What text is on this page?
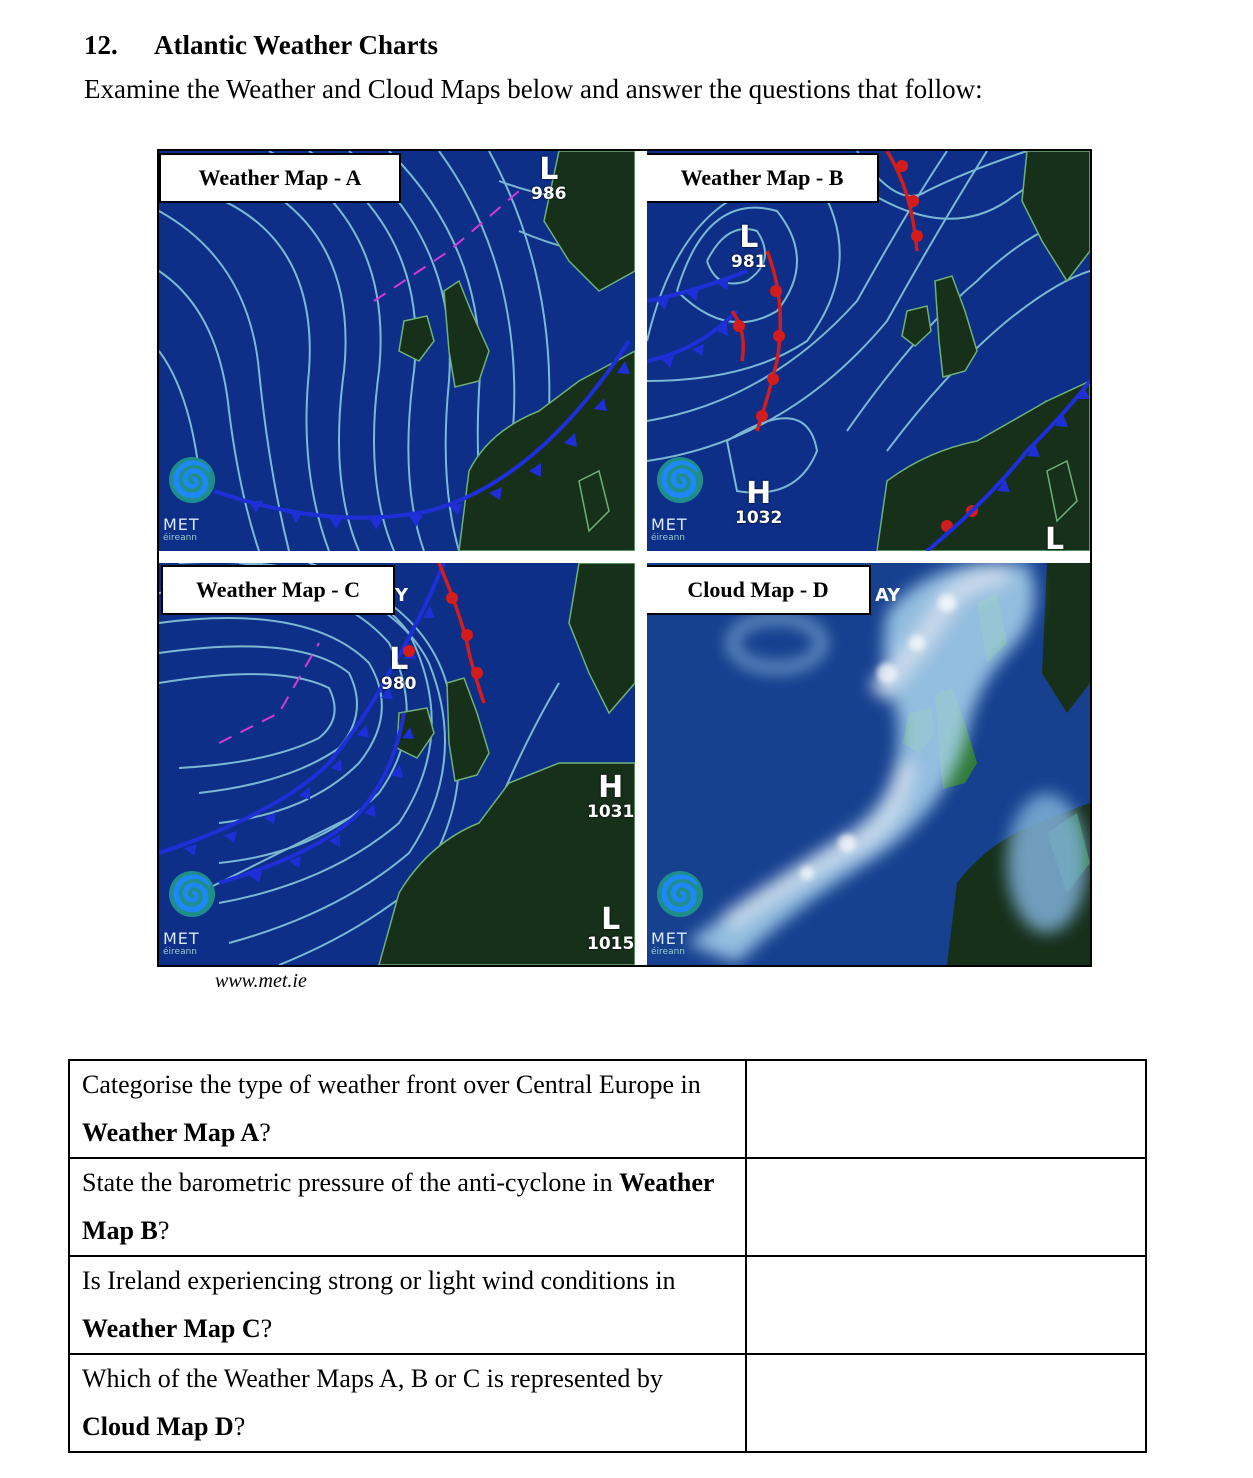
12. Atlantic Weather Charts
Examine the Weather and Cloud Maps below and answer the questions that follow:
Weather Map - A	L
986
🌀
MET
éireann
Weather Map - B
L
981
H
1032
L
🌀
MET
éireann
Weather Map - C	Y
L
980
H
1031
L
1015
🌀
MET
éireann
Cloud Map - D	AY
🌀
MET
éireann
www.met.ie
Categorise the type of weather front over Central Europe in Weather Map A?	
State the barometric pressure of the anti-cyclone in Weather Map B?	
Is Ireland experiencing strong or light wind conditions in Weather Map C?	
Which of the Weather Maps A, B or C is represented by Cloud Map D?	
